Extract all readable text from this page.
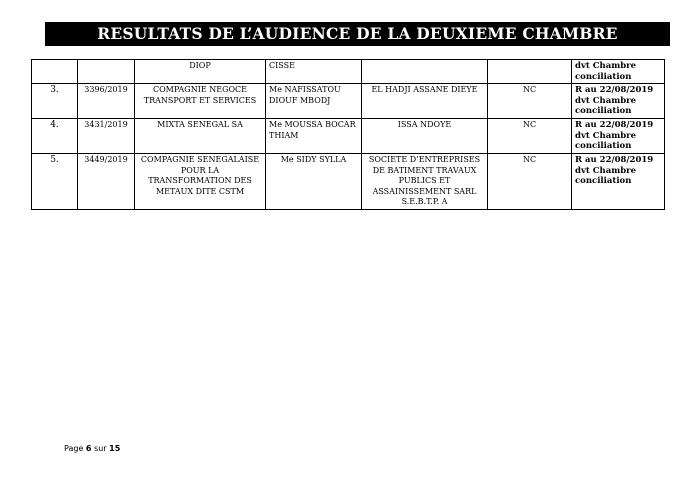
RESULTATS DE L’AUDIENCE DE LA DEUXIEME CHAMBRE
		DIOP	CISSE			dvt Chambre
conciliation

3.	3396/2019	COMPAGNIE NEGOCE TRANSPORT ET SERVICES	Me NAFISSATOU DIOUF MBODJ	EL HADJI ASSANE DIEYE	NC	R au 22/08/2019
dvt Chambre
conciliation

4.	3431/2019	MIXTA SENEGAL SA	Me MOUSSA BOCAR THIAM	ISSA NDOYE	NC	R au 22/08/2019
dvt Chambre
conciliation

5.	3449/2019	COMPAGNIE SENEGALAISE POUR LA TRANSFORMATION DES METAUX DITE CSTM	Me SIDY SYLLA	SOCIETE D’ENTREPRISES DE BATIMENT TRAVAUX PUBLICS ET ASSAINISSEMENT SARL S.E.B.T.P. A	NC	R au 22/08/2019
dvt Chambre
conciliation
Page 6 sur 15
